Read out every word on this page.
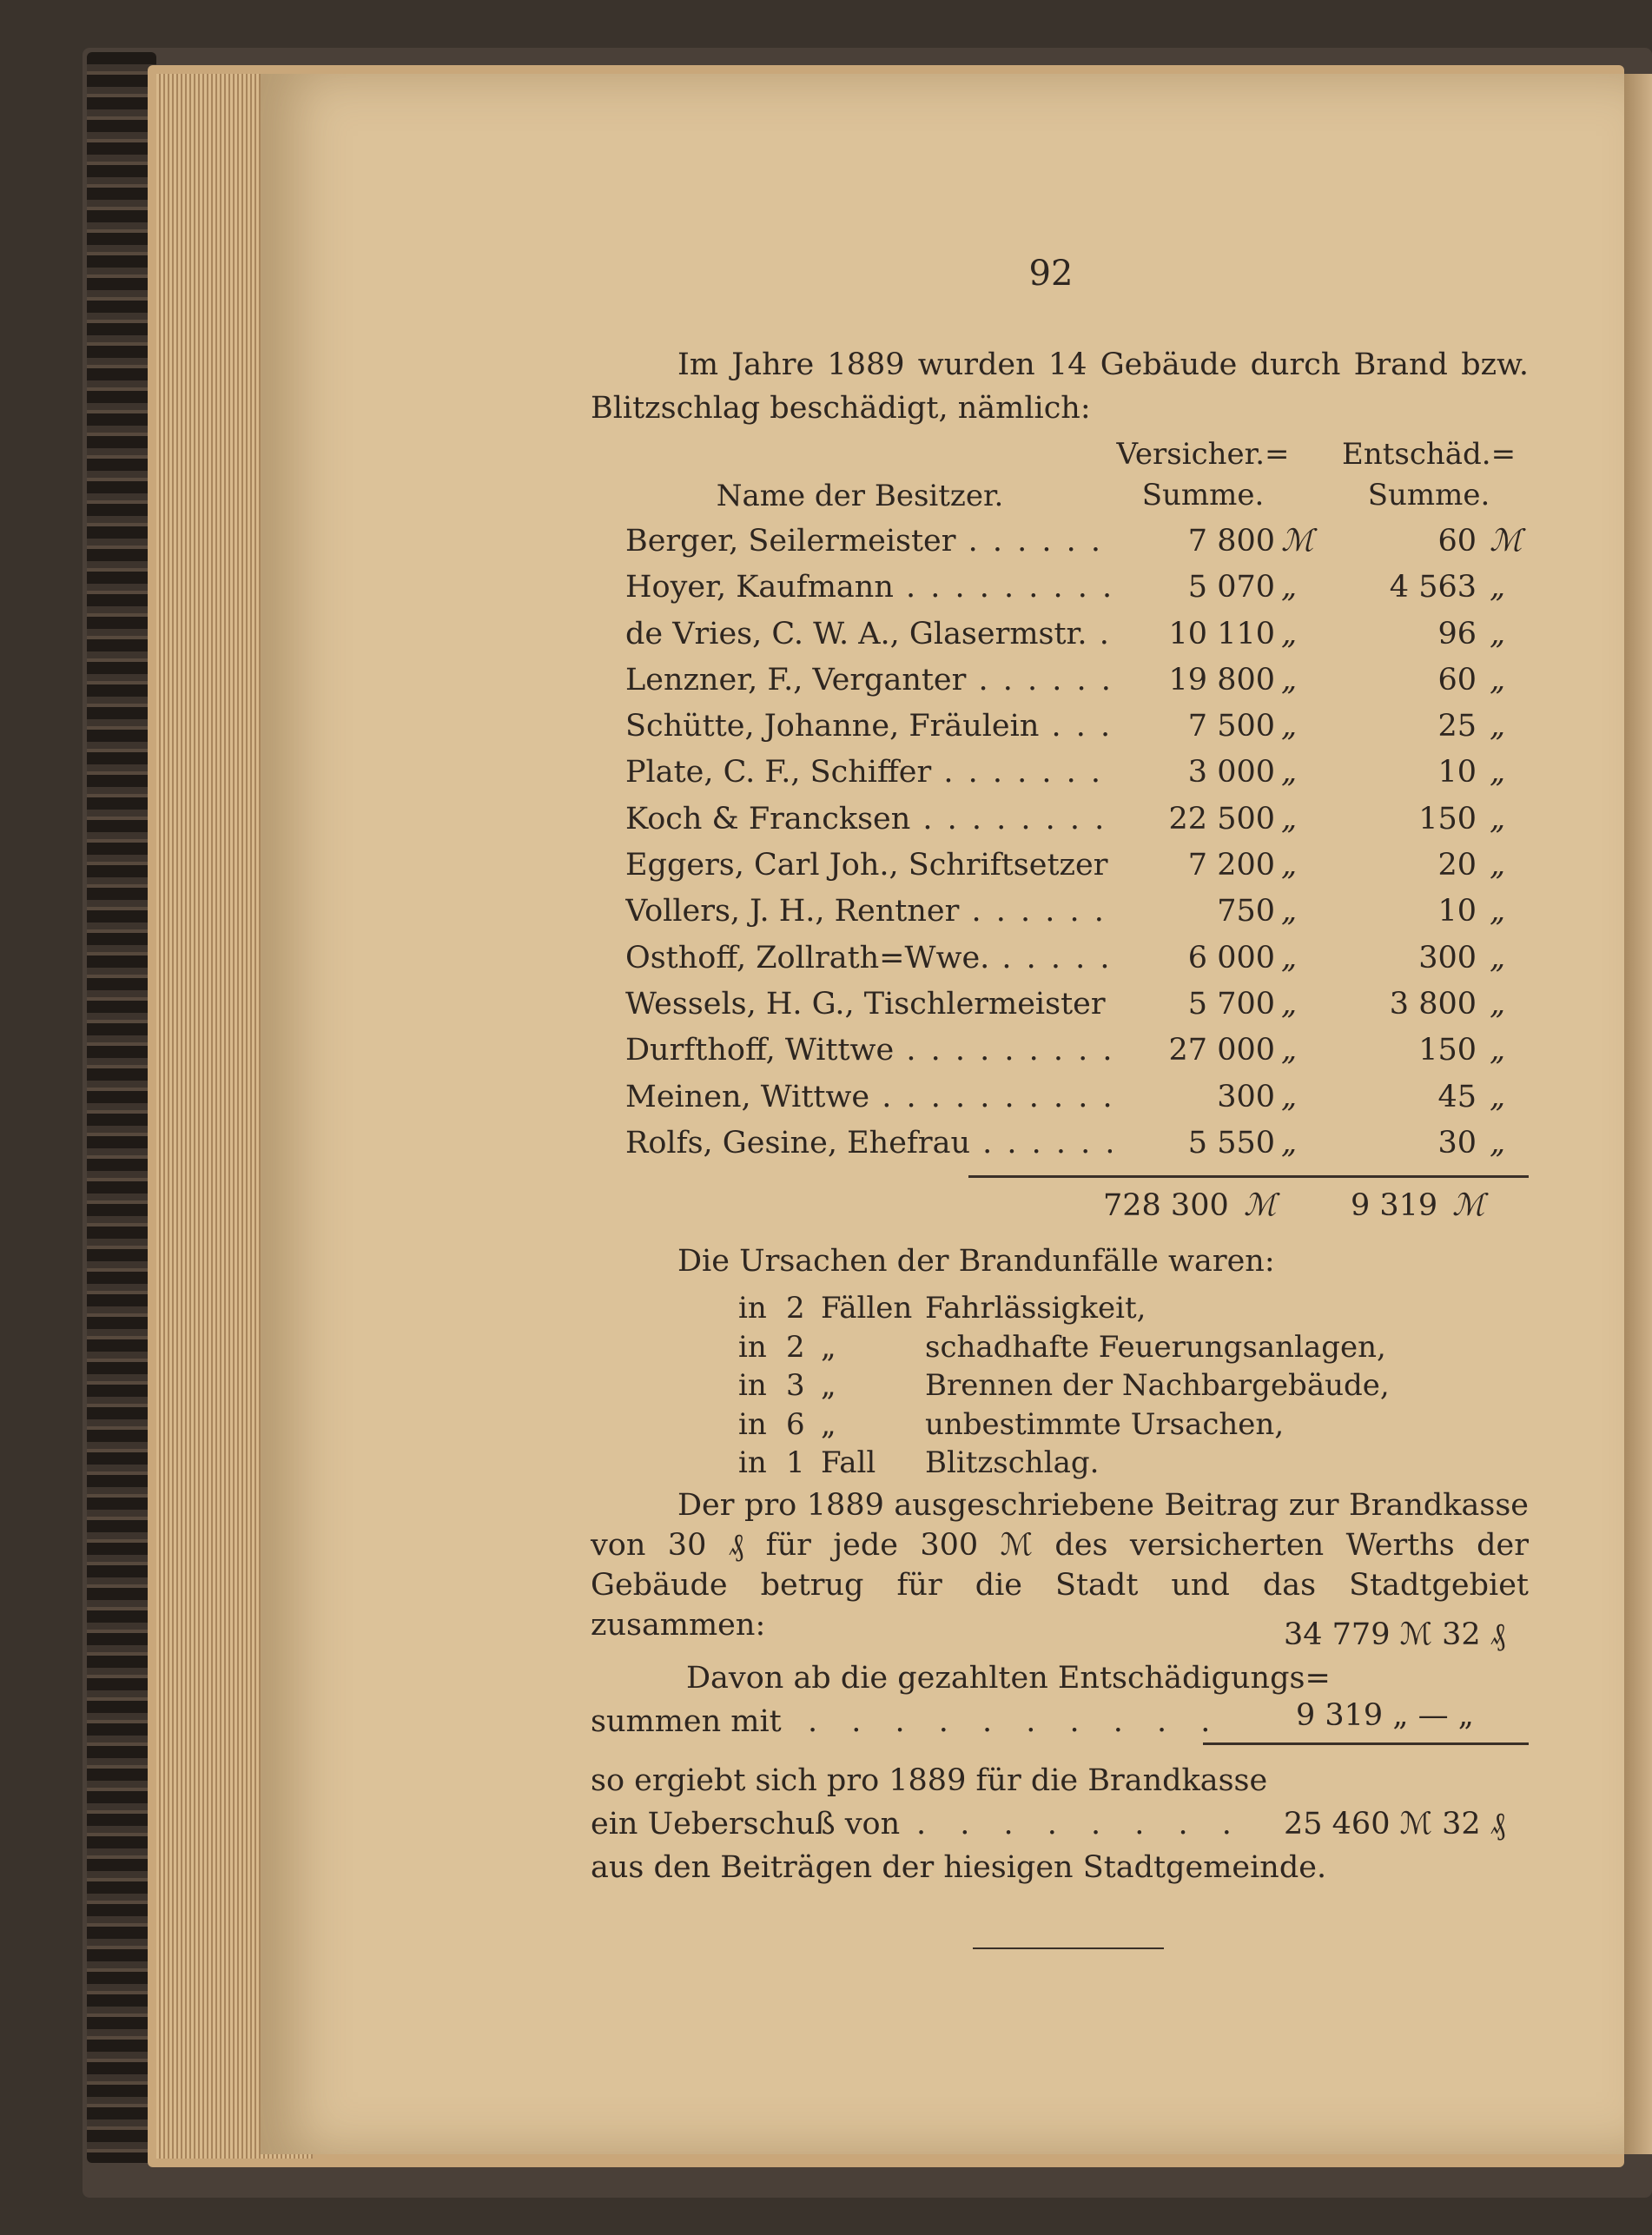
92
Im Jahre 1889 wurden 14 Gebäude durch Brand bzw. Blitzschlag beschädigt, nämlich:
Name der Besitzer.
Versicher.= Summe.
Entschäd.= Summe.
Berger, Seilermeister . . .	7 800 ℳ	60 ℳ
Hoyer, Kaufmann . . .	5 070 „	4 563 „
de Vries, C. W. A., Glasermstr. . . .	10 110 „	96 „
Lenzner, F., Verganter . . .	19 800 „	60 „
Schütte, Johanne, Fräulein . . .	7 500 „	25 „
Plate, C. F., Schiffer . . .	3 000 „	10 „
Koch & Francksen . . .	22 500 „	150 „
Eggers, Carl Joh., Schriftsetzer . . .	7 200 „	20 „
Vollers, J. H., Rentner . . .	750 „	10 „
Osthoff, Zollrath=Wwe. . . .	6 000 „	300 „
Wessels, H. G., Tischlermeister . . .	5 700 „	3 800 „
Durfthoff, Wittwe . . .	27 000 „	150 „
Meinen, Wittwe . . .	300 „	45 „
Rolfs, Gesine, Ehefrau . . .	5 550 „	30 „
728 300 ℳ 9 319 ℳ
Die Ursachen der Brandunfälle waren:
in 2 Fällen Fahrlässigkeit,
in 2 „	schadhafte Feuerungsanlagen,
in 3 „	Brennen der Nachbargebäude,
in 6 „	unbestimmte Ursachen,
in 1 Fall Blitzschlag.
Der pro 1889 ausgeschriebene Beitrag zur Brandkasse von 30 ₰ für jede 300 ℳ des versicherten Werths der Gebäude betrug für die Stadt und das Stadtgebiet zusammen:	34 779 ℳ 32 ₰
Davon ab die gezahlten Entschädigungs=
summen mit . . . . . . . . . . 9 319 „ — „
so ergiebt sich pro 1889 für die Brandkasse
ein Ueberschuß von . . . . . . . . 25 460 ℳ 32 ₰
aus den Beiträgen der hiesigen Stadtgemeinde.
